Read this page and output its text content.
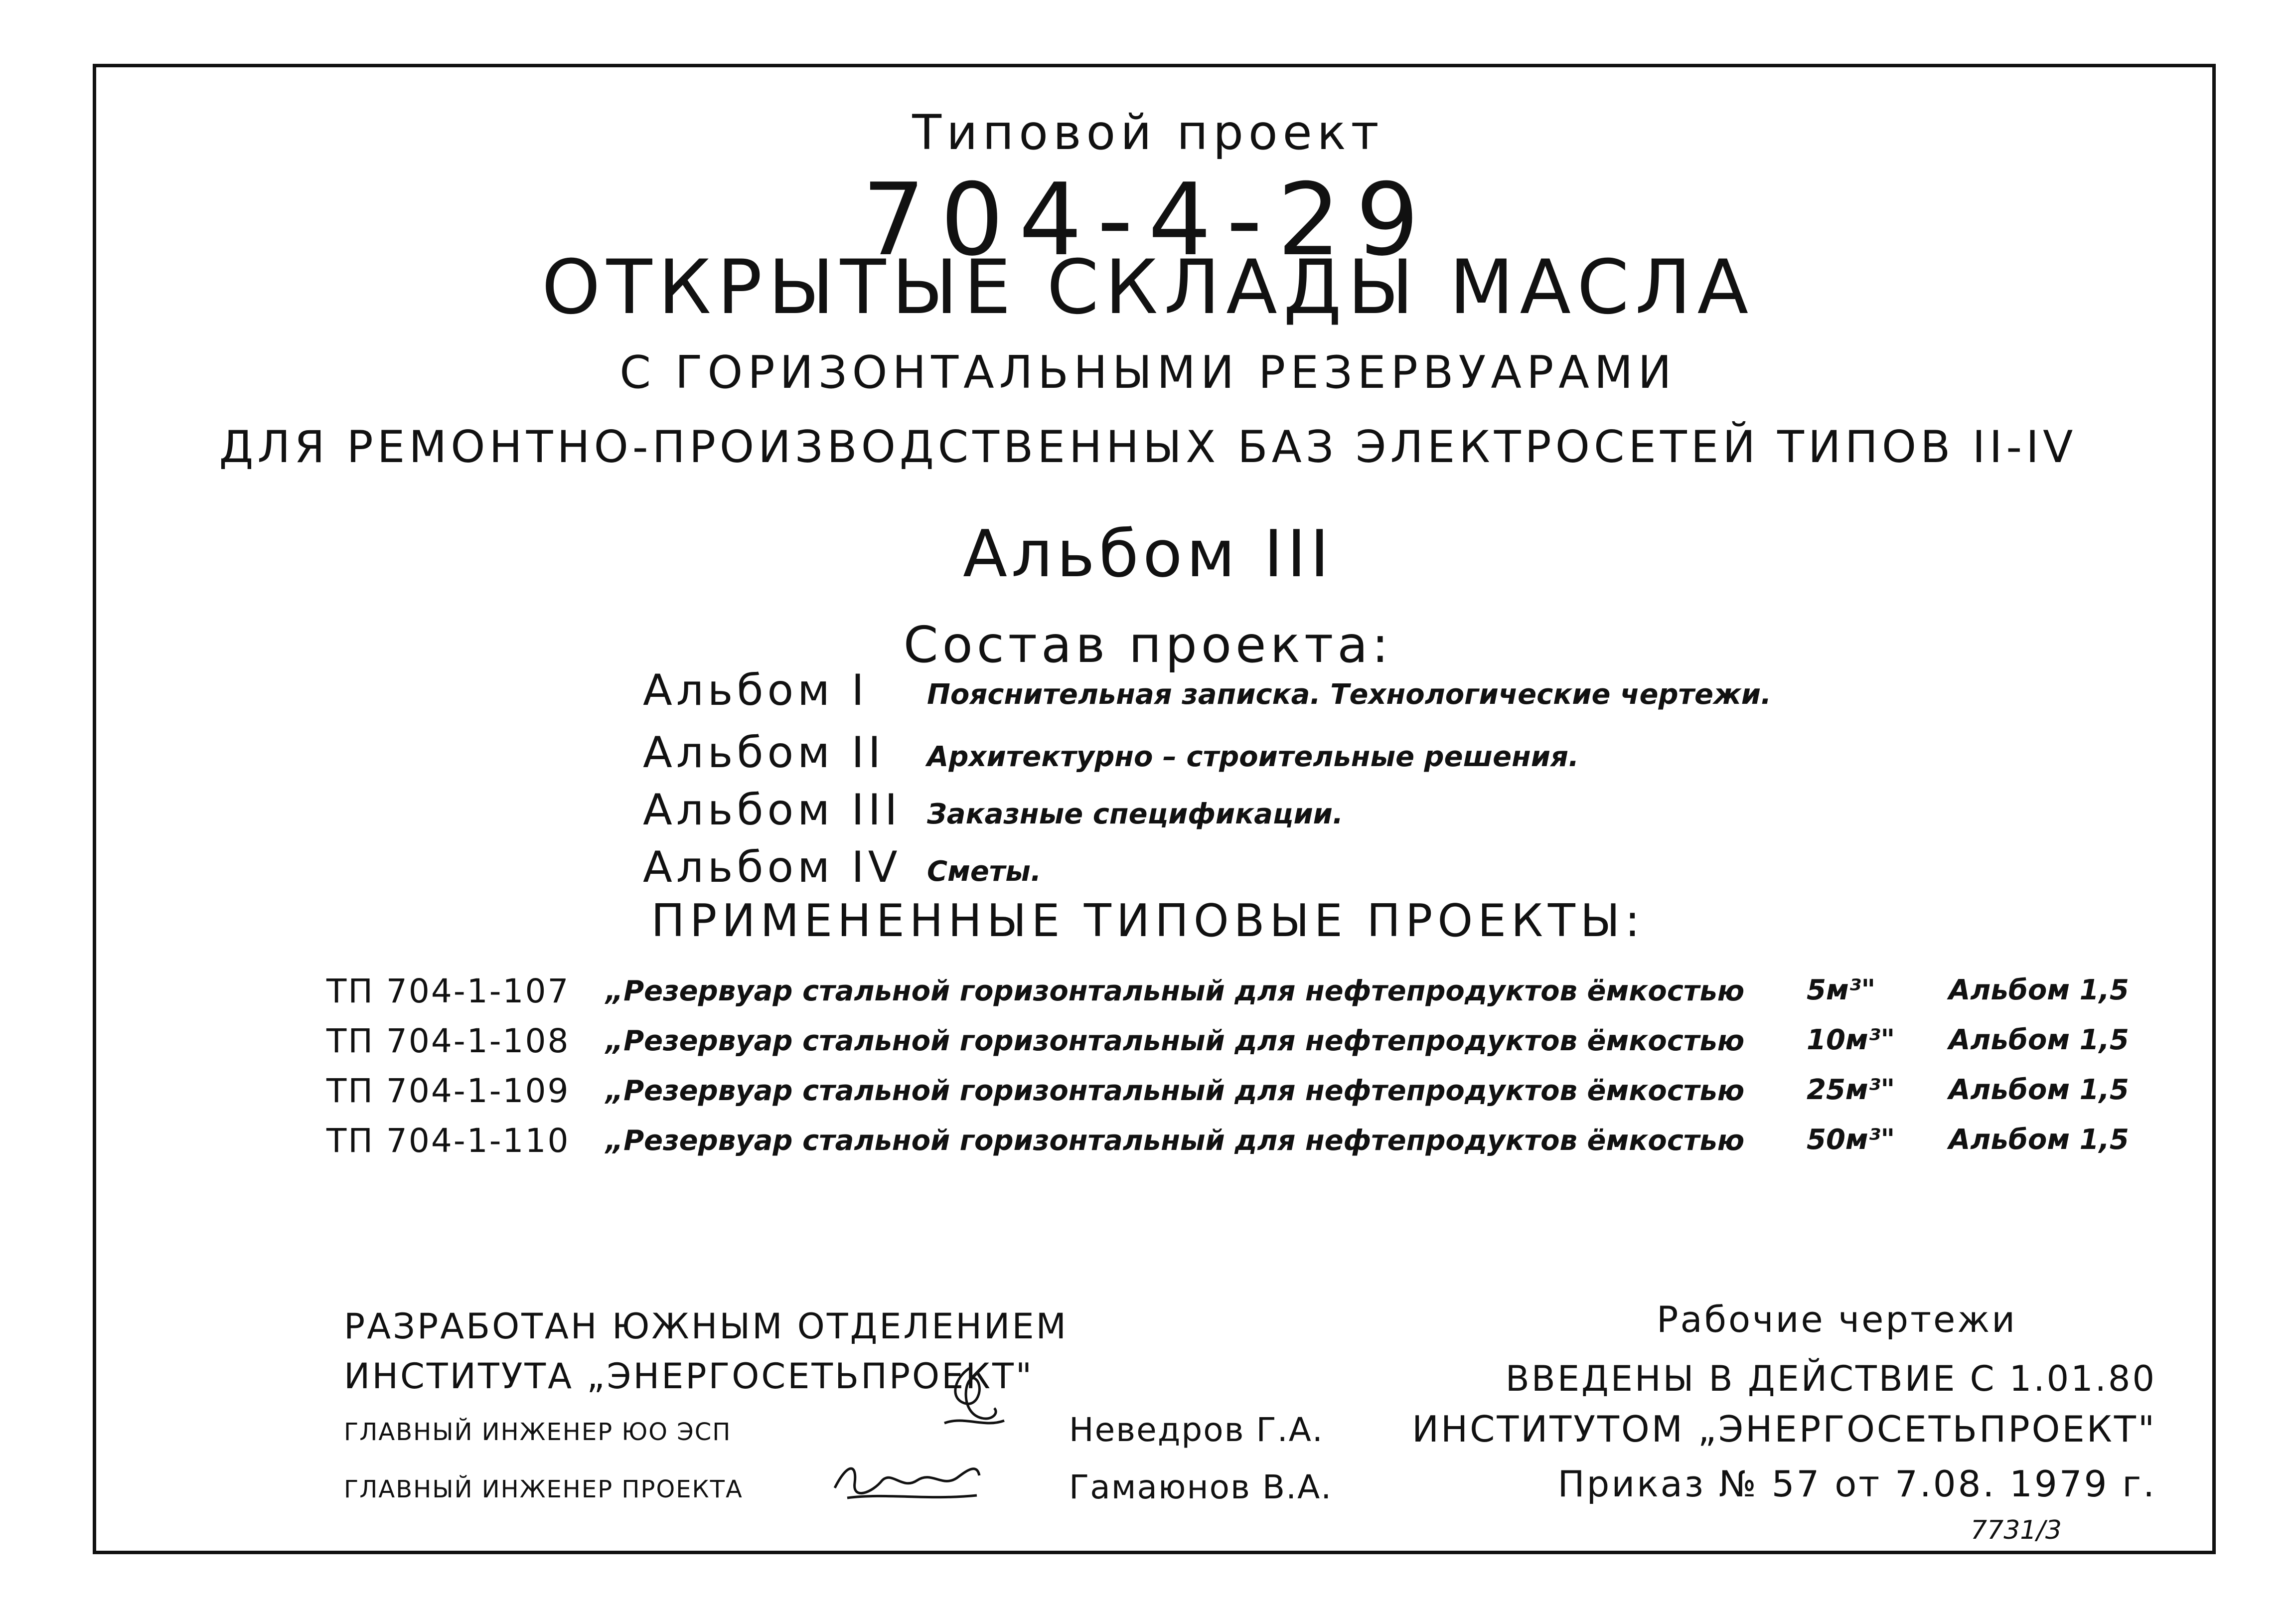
Типовой проект
704-4-29
ОТКРЫТЫЕ СКЛАДЫ МАСЛА
С ГОРИЗОНТАЛЬНЫМИ РЕЗЕРВУАРАМИ
ДЛЯ РЕМОНТНО-ПРОИЗВОДСТВЕННЫХ БАЗ ЭЛЕКТРОСЕТЕЙ ТИПОВ II-IV
Альбом III
Состав проекта:
Альбом I Пояснительная записка. Технологические чертежи.
Альбом II Архитектурно – строительные решения.
Альбом III Заказные спецификации.
Альбом IV Сметы.
ПРИМЕНЕННЫЕ ТИПОВЫЕ ПРОЕКТЫ:
ТП 704-1-107 „Резервуар стальной горизонтальный для нефтепродуктов ёмкостью 5м³"	Альбом 1,5
ТП 704-1-108 „Резервуар стальной горизонтальный для нефтепродуктов ёмкостью 10м³" Альбом 1,5
ТП 704-1-109 „Резервуар стальной горизонтальный для нефтепродуктов ёмкостью 25м³" Альбом 1,5
ТП 704-1-110 „Резервуар стальной горизонтальный для нефтепродуктов ёмкостью 50м³" Альбом 1,5
РАЗРАБОТАН ЮЖНЫМ ОТДЕЛЕНИЕМ
ИНСТИТУТА „ЭНЕРГОСЕТЬПРОЕКТ"
ГЛАВНЫЙ ИНЖЕНЕР ЮО ЭСП
ГЛАВНЫЙ ИНЖЕНЕР ПРОЕКТА
Неведров Г.А.
Гамаюнов В.А.
Рабочие чертежи
ВВЕДЕНЫ В ДЕЙСТВИЕ С 1.01.80
ИНСТИТУТОМ „ЭНЕРГОСЕТЬПРОЕКТ"
Приказ № 57 от 7.08. 1979 г.
7731/3
